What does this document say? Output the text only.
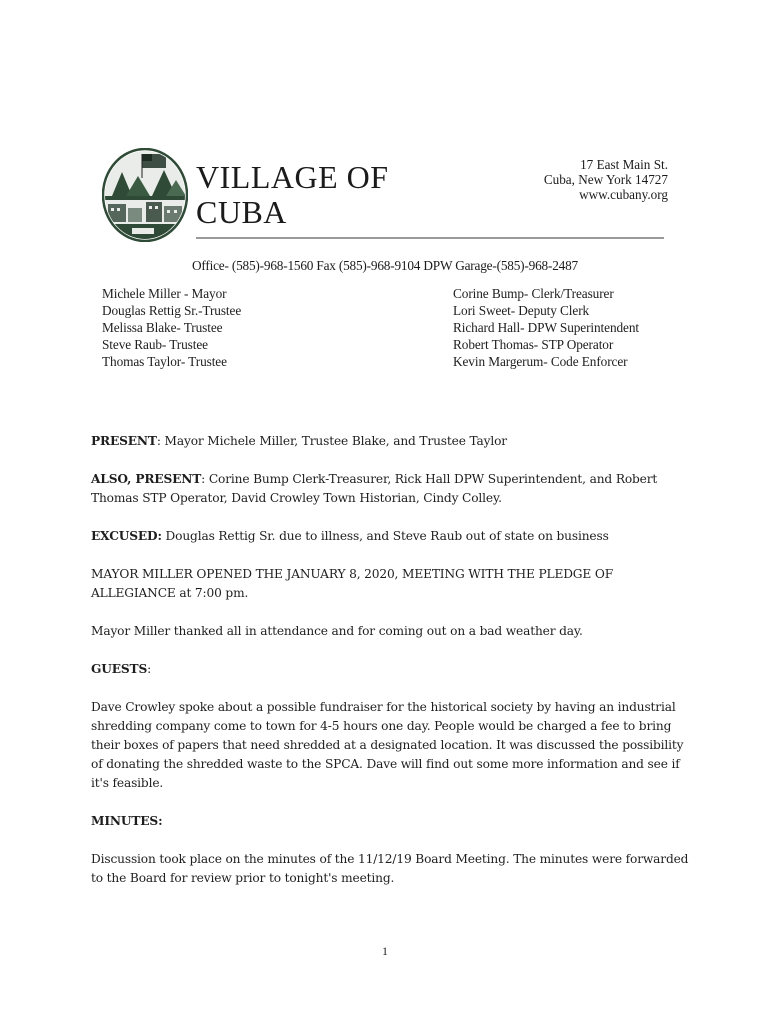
VILLAGE OF
CUBA
17 East Main St.
Cuba, New York 14727
www.cubany.org
Office- (585)-968-1560 Fax (585)-968-9104 DPW Garage-(585)-968-2487
Michele Miller - Mayor
Douglas Rettig Sr.-Trustee
Melissa Blake- Trustee
Steve Raub- Trustee
Thomas Taylor- Trustee
Corine Bump- Clerk/Treasurer
Lori Sweet- Deputy Clerk
Richard Hall- DPW Superintendent
Robert Thomas- STP Operator
Kevin Margerum- Code Enforcer

PRESENT: Mayor Michele Miller, Trustee Blake, and Trustee Taylor

ALSO, PRESENT: Corine Bump Clerk-Treasurer, Rick Hall DPW Superintendent, and Robert Thomas STP Operator, David Crowley Town Historian, Cindy Colley.

EXCUSED: Douglas Rettig Sr. due to illness, and Steve Raub out of state on business

MAYOR MILLER OPENED THE JANUARY 8, 2020, MEETING WITH THE PLEDGE OF ALLEGIANCE at 7:00 pm.

Mayor Miller thanked all in attendance and for coming out on a bad weather day.

GUESTS:

Dave Crowley spoke about a possible fundraiser for the historical society by having an industrial shredding company come to town for 4-5 hours one day. People would be charged a fee to bring their boxes of papers that need shredded at a designated location. It was discussed the possibility of donating the shredded waste to the SPCA. Dave will find out some more information and see if it's feasible.

MINUTES:

Discussion took place on the minutes of the 11/12/19 Board Meeting. The minutes were forwarded to the Board for review prior to tonight's meeting.

1
